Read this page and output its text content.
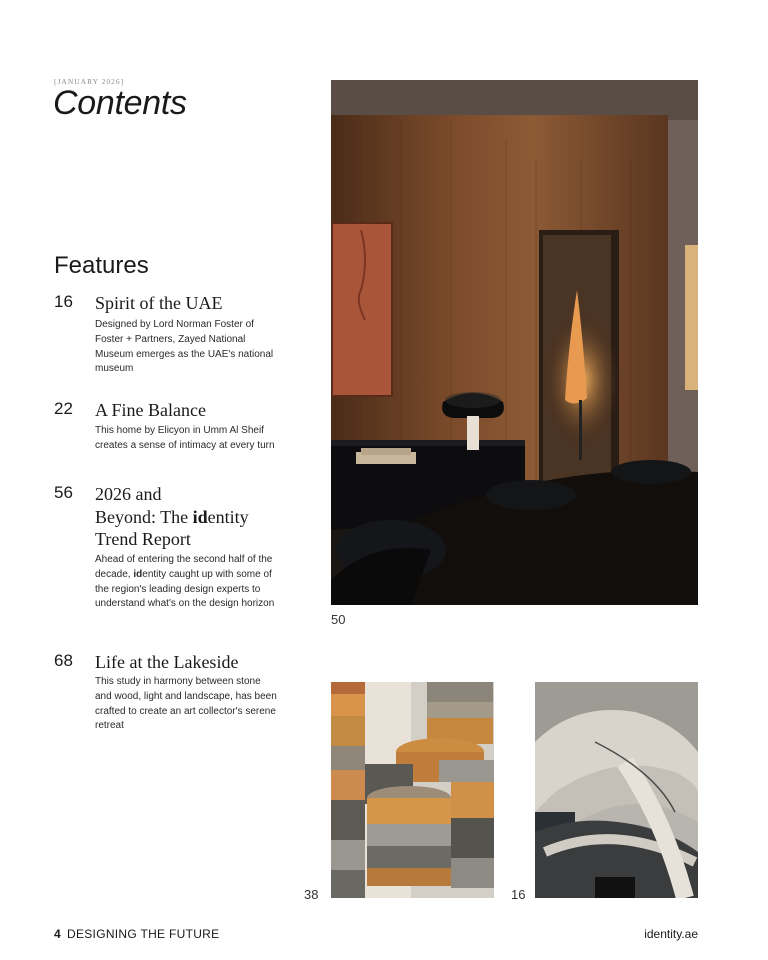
[JANUARY 2026]
Contents
Features
16 Spirit of the UAE

Designed by Lord Norman Foster of Foster + Partners, Zayed National Museum emerges as the UAE's national museum

22 A Fine Balance

This home by Elicyon in Umm Al Sheif creates a sense of intimacy at every turn

56 2026 and
Beyond: The identity
Trend Report

Ahead of entering the second half of the decade, identity caught up with some of the region's leading design experts to understand what's on the design horizon

68 Life at the Lakeside

This study in harmony between stone and wood, light and landscape, has been crafted to create an art collector's serene retreat

50
38	16
4 DESIGNING THE FUTURE	identity.ae
